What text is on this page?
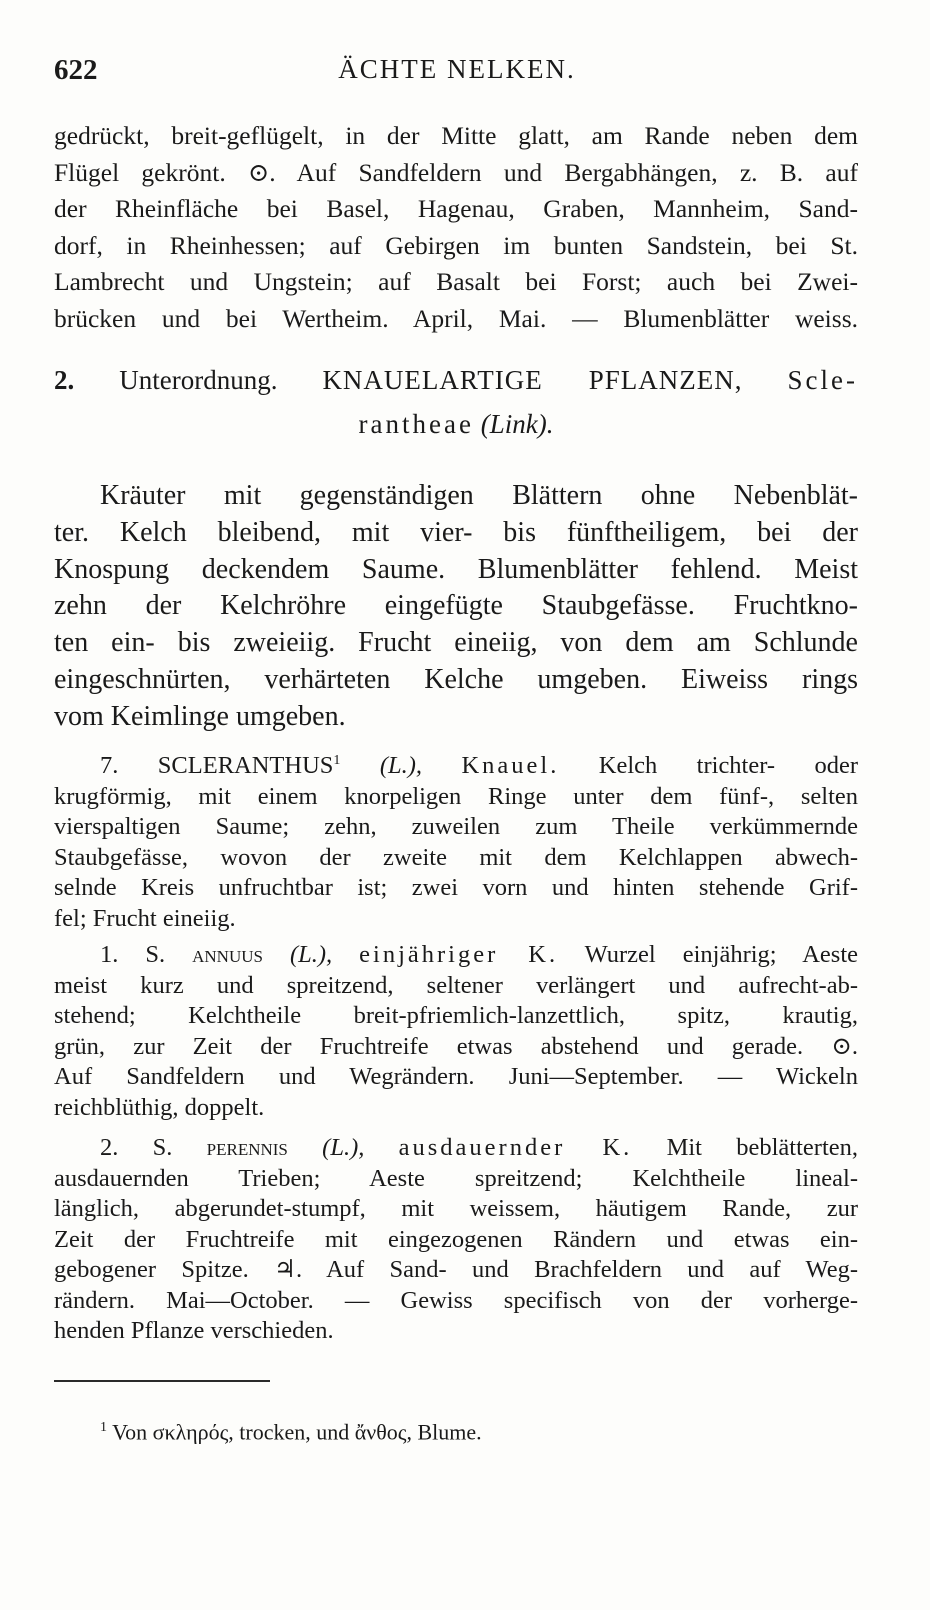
622	ÄCHTE NELKEN.
gedrückt, breit-geflügelt, in der Mitte glatt, am Rande neben dem
Flügel gekrönt. ⊙. Auf Sandfeldern und Bergabhängen, z. B. auf
der Rheinfläche bei Basel, Hagenau, Graben, Mannheim, Sand-
dorf, in Rheinhessen; auf Gebirgen im bunten Sandstein, bei St.
Lambrecht und Ungstein; auf Basalt bei Forst; auch bei Zwei-
brücken und bei Wertheim. April, Mai. — Blumenblätter weiss.
2. Unterordnung. KNAUELARTIGE PFLANZEN, Scle-
rantheae (Link).
Kräuter mit gegenständigen Blättern ohne Nebenblät-
ter. Kelch bleibend, mit vier- bis fünftheiligem, bei der
Knospung deckendem Saume. Blumenblätter fehlend. Meist
zehn der Kelchröhre eingefügte Staubgefässe. Fruchtkno-
ten ein- bis zweieiig. Frucht eineiig, von dem am Schlunde
eingeschnürten, verhärteten Kelche umgeben. Eiweiss rings
vom Keimlinge umgeben.
7. SCLERANTHUS$^1$ (L.), Knauel. Kelch trichter- oder
krugförmig, mit einem knorpeligen Ringe unter dem fünf-, selten
vierspaltigen Saume; zehn, zuweilen zum Theile verkümmernde
Staubgefässe, wovon der zweite mit dem Kelchlappen abwech-
selnde Kreis unfruchtbar ist; zwei vorn und hinten stehende Grif-
fel; Frucht eineiig.
1. S. annuus (L.), einjähriger K. Wurzel einjährig; Aeste
meist kurz und spreitzend, seltener verlängert und aufrecht-ab-
stehend; Kelchtheile breit-pfriemlich-lanzettlich, spitz, krautig,
grün, zur Zeit der Fruchtreife etwas abstehend und gerade. ⊙.
Auf Sandfeldern und Wegrändern. Juni—September. — Wickeln
reichblüthig, doppelt.
2. S. perennis (L.), ausdauernder K. Mit beblätterten,
ausdauernden Trieben; Aeste spreitzend; Kelchtheile lineal-
länglich, abgerundet-stumpf, mit weissem, häutigem Rande, zur
Zeit der Fruchtreife mit eingezogenen Rändern und etwas ein-
gebogener Spitze. ♃. Auf Sand- und Brachfeldern und auf Weg-
rändern. Mai—October. — Gewiss specifisch von der vorherge-
henden Pflanze verschieden.
$^1$ Von σκληρός, trocken, und ἄνθος, Blume.
